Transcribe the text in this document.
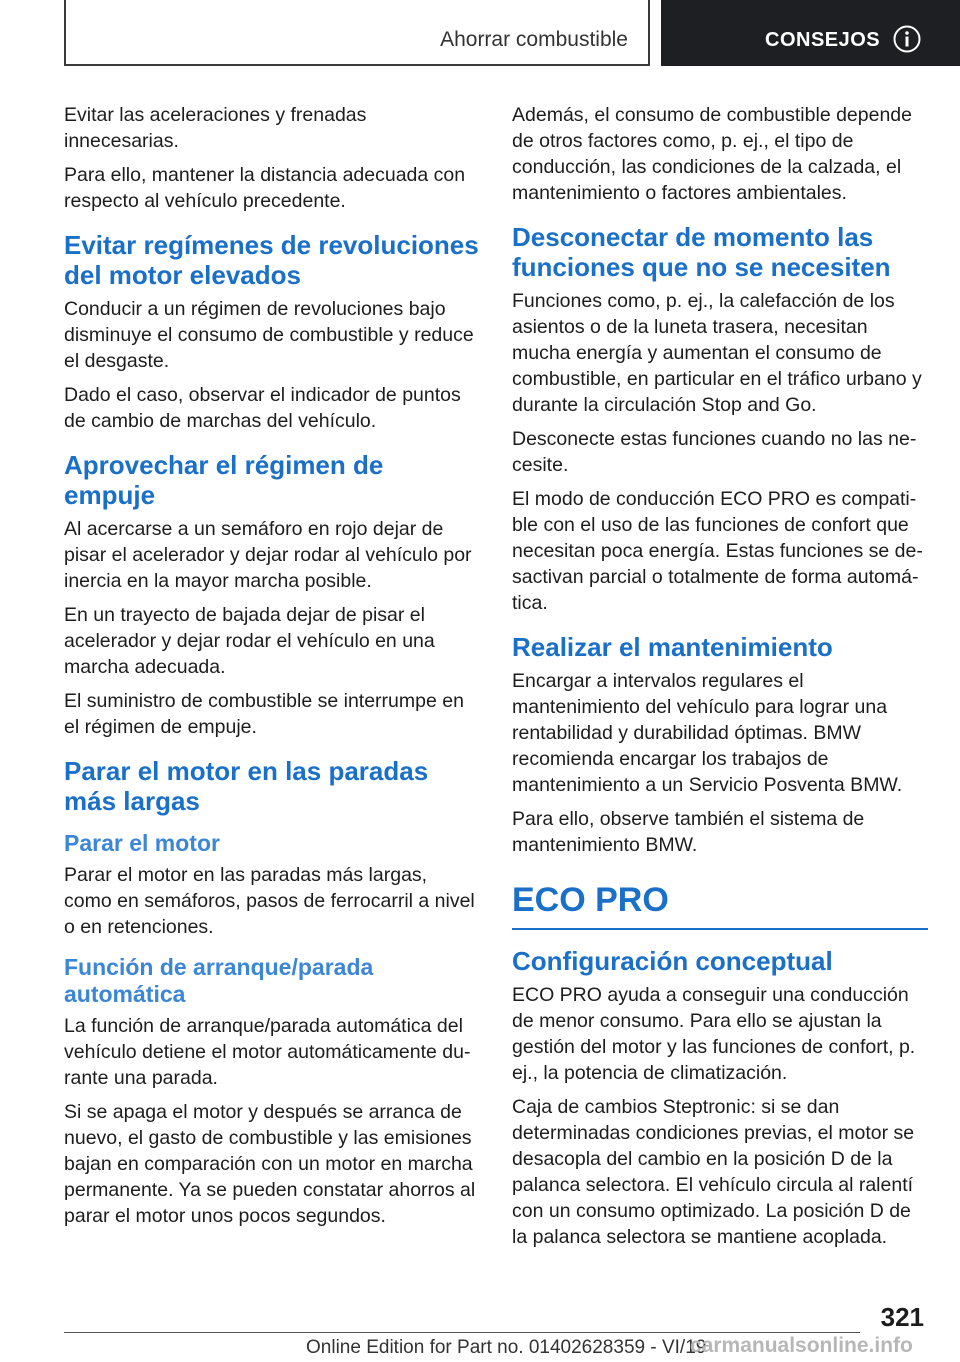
Ahorrar combustible	CONSEJOS

Evitar las aceleraciones y frenadas innecesarias.

Para ello, mantener la distancia adecuada con respecto al vehículo precedente.

Evitar regímenes de revoluciones del motor elevados

Conducir a un régimen de revoluciones bajo disminuye el consumo de combustible y reduce el desgaste.

Dado el caso, observar el indicador de puntos de cambio de marchas del vehículo.

Aprovechar el régimen de empuje

Al acercarse a un semáforo en rojo dejar de pisar el acelerador y dejar rodar al vehículo por inercia en la mayor marcha posible.

En un trayecto de bajada dejar de pisar el acelerador y dejar rodar el vehículo en una marcha adecuada.

El suministro de combustible se interrumpe en el régimen de empuje.

Parar el motor en las paradas más largas
Parar el motor

Parar el motor en las paradas más largas, como en semáforos, pasos de ferrocarril a nivel o en retenciones.

Función de arranque/parada automática

La función de arranque/parada automática del vehículo detiene el motor automáticamente durante una parada.

Si se apaga el motor y después se arranca de nuevo, el gasto de combustible y las emisiones bajan en comparación con un motor en marcha permanente. Ya se pueden constatar ahorros al parar el motor unos pocos segundos.

Además, el consumo de combustible depende de otros factores como, p. ej., el tipo de conducción, las condiciones de la calzada, el mantenimiento o factores ambientales.

Desconectar de momento las funciones que no se necesiten

Funciones como, p. ej., la calefacción de los asientos o de la luneta trasera, necesitan mucha energía y aumentan el consumo de combustible, en particular en el tráfico urbano y durante la circulación Stop and Go.

Desconecte estas funciones cuando no las necesite.

El modo de conducción ECO PRO es compatible con el uso de las funciones de confort que necesitan poca energía. Estas funciones se desactivan parcial o totalmente de forma automática.

Realizar el mantenimiento

Encargar a intervalos regulares el mantenimiento del vehículo para lograr una rentabilidad y durabilidad óptimas. BMW recomienda encargar los trabajos de mantenimiento a un Servicio Posventa BMW.

Para ello, observe también el sistema de mantenimiento BMW.

ECO PRO
Configuración conceptual

ECO PRO ayuda a conseguir una conducción de menor consumo. Para ello se ajustan la gestión del motor y las funciones de confort, p. ej., la potencia de climatización.

Caja de cambios Steptronic: si se dan determinadas condiciones previas, el motor se desacopla del cambio en la posición D de la palanca selectora. El vehículo circula al ralentí con un consumo optimizado. La posición D de la palanca selectora se mantiene acoplada.

321
Online Edition for Part no. 01402628359 - VI/19
carmanualsonline.info
